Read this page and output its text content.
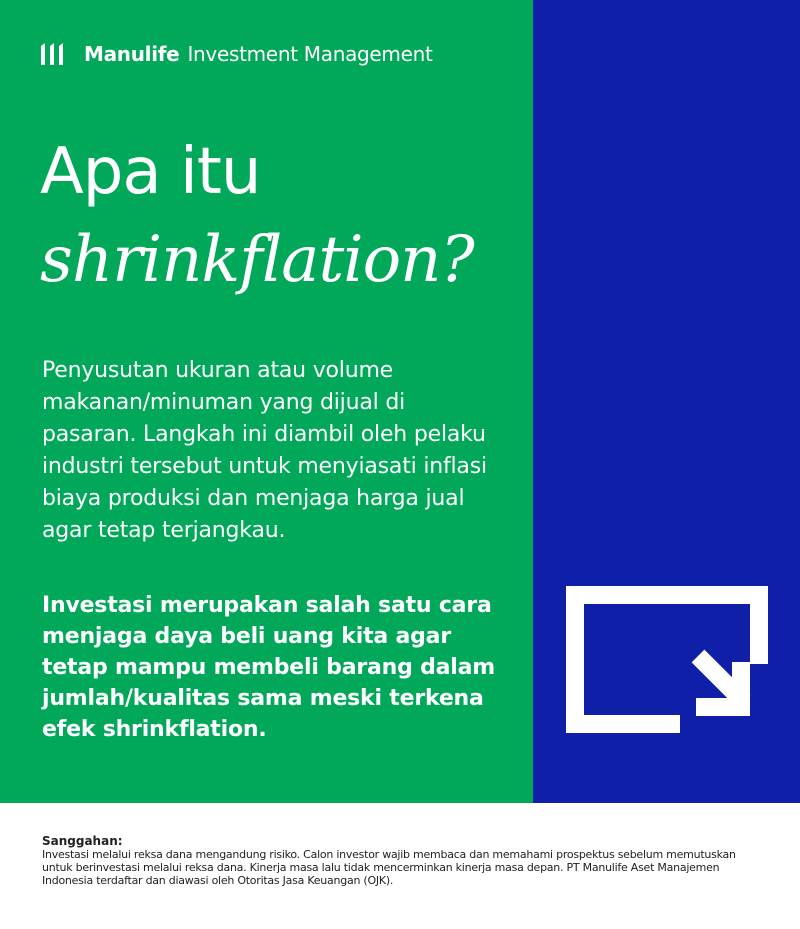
Manulife Investment Management
Apa itu
shrinkflation?
Penyusutan ukuran atau volume
makanan/minuman yang dijual di
pasaran. Langkah ini diambil oleh pelaku
industri tersebut untuk menyiasati inflasi
biaya produksi dan menjaga harga jual
agar tetap terjangkau.
Investasi merupakan salah satu cara
menjaga daya beli uang kita agar
tetap mampu membeli barang dalam
jumlah/kualitas sama meski terkena
efek shrinkflation.
Sanggahan:
Investasi melalui reksa dana mengandung risiko. Calon investor wajib membaca dan memahami prospektus sebelum memutuskan
untuk berinvestasi melalui reksa dana. Kinerja masa lalu tidak mencerminkan kinerja masa depan. PT Manulife Aset Manajemen
Indonesia terdaftar dan diawasi oleh Otoritas Jasa Keuangan (OJK).
